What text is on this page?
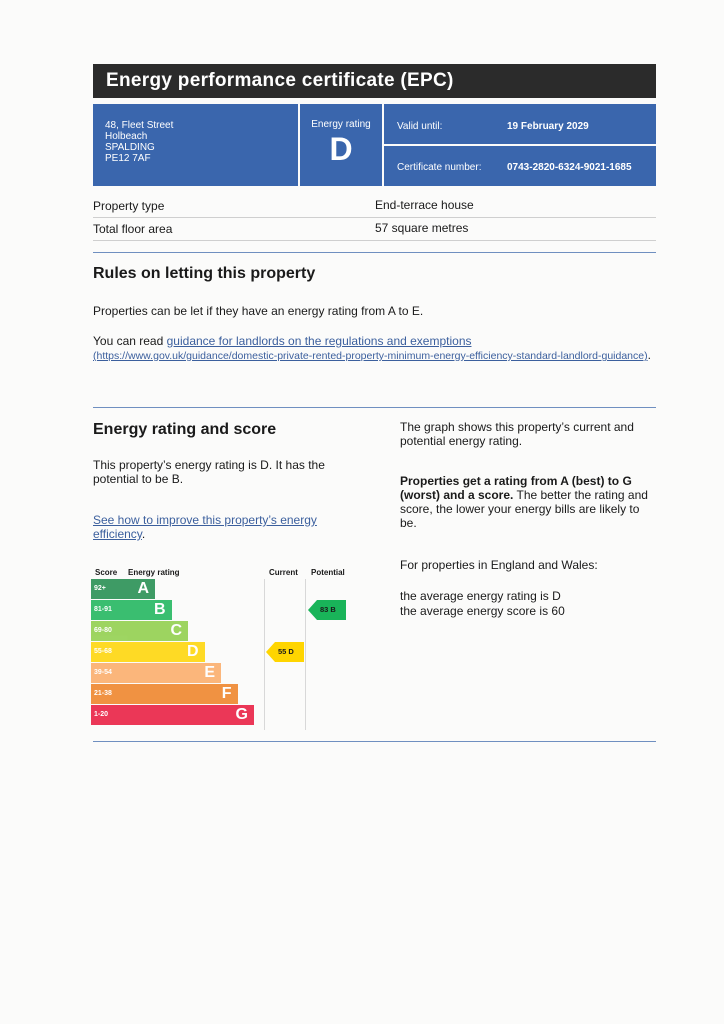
Energy performance certificate (EPC)
48, Fleet Street
Holbeach
SPALDING
PE12 7AF
Energy rating
D
Valid until:	19 February 2029
Certificate number:	0743-2820-6324-9021-1685
Property type	End-terrace house
Total floor area	57 square metres
Rules on letting this property
Properties can be let if they have an energy rating from A to E.
You can read guidance for landlords on the regulations and exemptions
(https://www.gov.uk/guidance/domestic-private-rented-property-minimum-energy-efficiency-standard-landlord-guidance).
Energy rating and score
This property’s energy rating is D. It has the potential to be B.
See how to improve this property’s energy efficiency.
The graph shows this property’s current and potential energy rating.
Properties get a rating from A (best) to G (worst) and a score. The better the rating and score, the lower your energy bills are likely to be.
For properties in England and Wales:
the average energy rating is D
the average energy score is 60
Score Energy rating	Current Potential
92+ A
81-91	B
69-80	C
55-68	D
39-54	E
21-38	F
1-20	G
55 D
83 B
